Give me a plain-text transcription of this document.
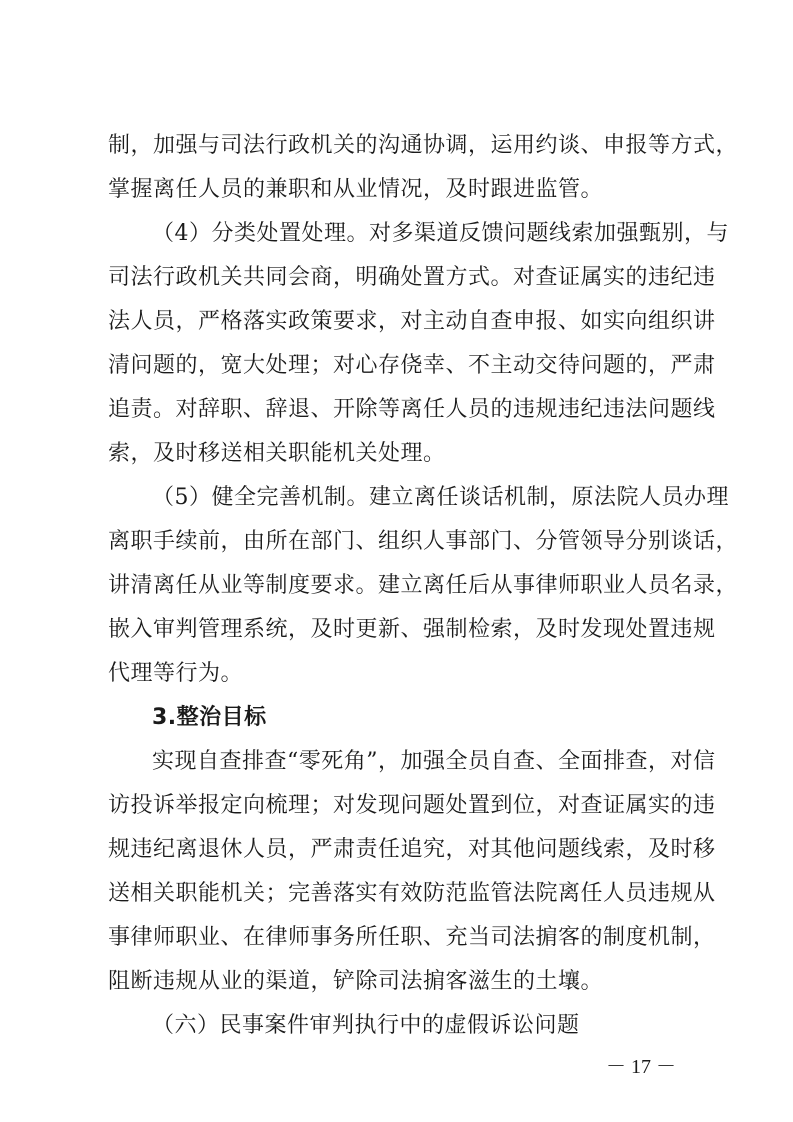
制，加强与司法行政机关的沟通协调，运用约谈、申报等方式，
掌握离任人员的兼职和从业情况，及时跟进监管。
（4）分类处置处理。对多渠道反馈问题线索加强甄别，与
司法行政机关共同会商，明确处置方式。对查证属实的违纪违
法人员，严格落实政策要求，对主动自查申报、如实向组织讲
清问题的，宽大处理；对心存侥幸、不主动交待问题的，严肃
追责。对辞职、辞退、开除等离任人员的违规违纪违法问题线
索，及时移送相关职能机关处理。
（5）健全完善机制。建立离任谈话机制，原法院人员办理
离职手续前，由所在部门、组织人事部门、分管领导分别谈话，
讲清离任从业等制度要求。建立离任后从事律师职业人员名录，
嵌入审判管理系统，及时更新、强制检索，及时发现处置违规
代理等行为。
3.整治目标
实现自查排查“零死角”，加强全员自查、全面排查，对信
访投诉举报定向梳理；对发现问题处置到位，对查证属实的违
规违纪离退休人员，严肃责任追究，对其他问题线索，及时移
送相关职能机关；完善落实有效防范监管法院离任人员违规从
事律师职业、在律师事务所任职、充当司法掮客的制度机制，
阻断违规从业的渠道，铲除司法掮客滋生的土壤。
（六）民事案件审判执行中的虚假诉讼问题
－ 17 －
